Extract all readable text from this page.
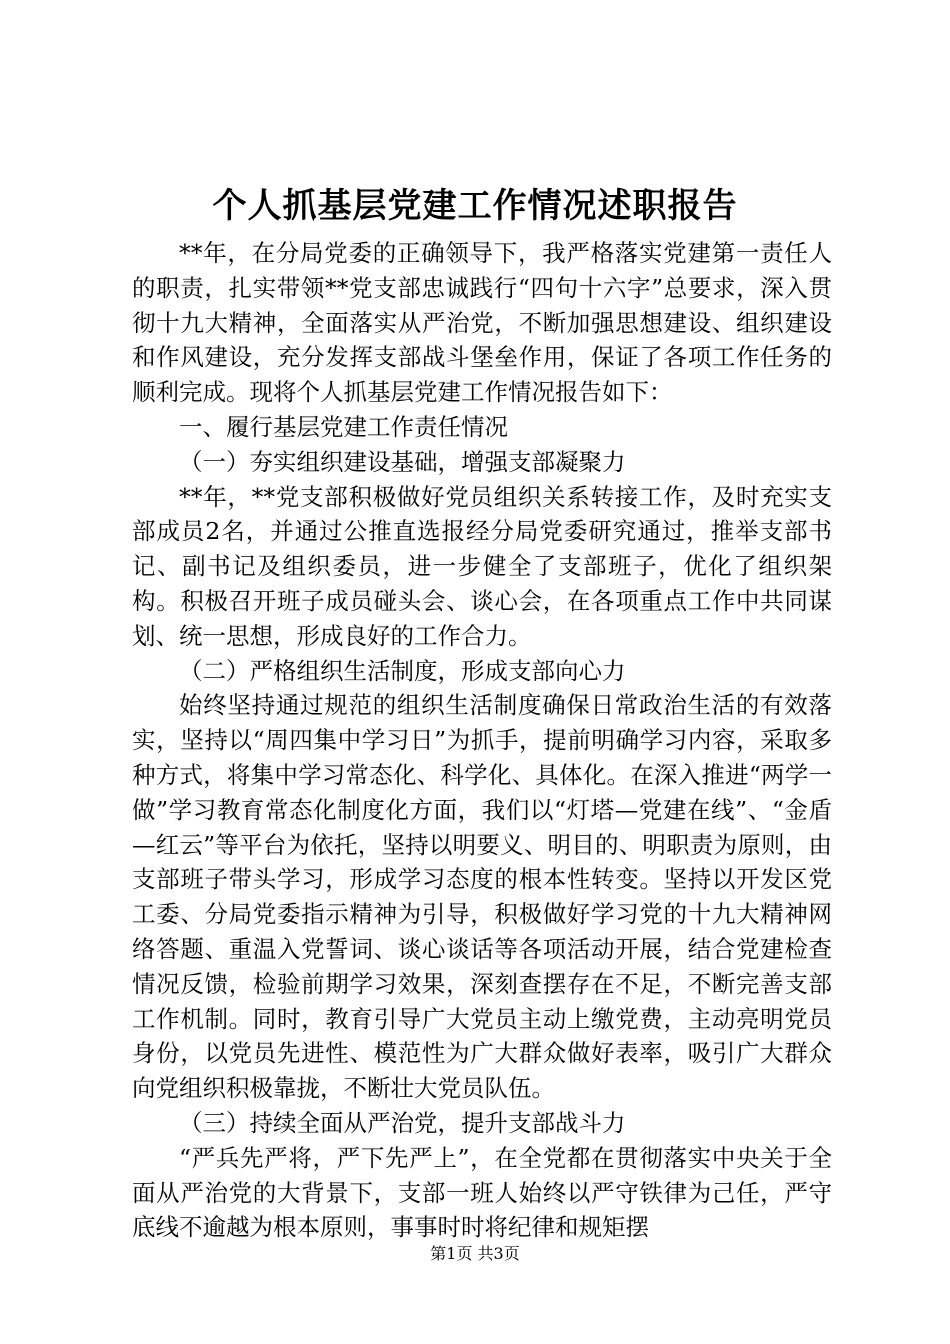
个人抓基层党建工作情况述职报告

**年，在分局党委的正确领导下，我严格落实党建第一责任人的职责，扎实带领**党支部忠诚践行“四句十六字”总要求，深入贯彻十九大精神，全面落实从严治党，不断加强思想建设、组织建设和作风建设，充分发挥支部战斗堡垒作用，保证了各项工作任务的顺利完成。现将个人抓基层党建工作情况报告如下：

一、履行基层党建工作责任情况

（一）夯实组织建设基础，增强支部凝聚力

**年，**党支部积极做好党员组织关系转接工作，及时充实支部成员2名，并通过公推直选报经分局党委研究通过，推举支部书记、副书记及组织委员，进一步健全了支部班子，优化了组织架构。积极召开班子成员碰头会、谈心会，在各项重点工作中共同谋划、统一思想，形成良好的工作合力。

（二）严格组织生活制度，形成支部向心力

始终坚持通过规范的组织生活制度确保日常政治生活的有效落实，坚持以“周四集中学习日”为抓手，提前明确学习内容，采取多种方式，将集中学习常态化、科学化、具体化。在深入推进“两学一做”学习教育常态化制度化方面，我们以“灯塔—党建在线”、“金盾—红云”等平台为依托，坚持以明要义、明目的、明职责为原则，由支部班子带头学习，形成学习态度的根本性转变。坚持以开发区党工委、分局党委指示精神为引导，积极做好学习党的十九大精神网络答题、重温入党誓词、谈心谈话等各项活动开展，结合党建检查情况反馈，检验前期学习效果，深刻查摆存在不足，不断完善支部工作机制。同时，教育引导广大党员主动上缴党费，主动亮明党员身份，以党员先进性、模范性为广大群众做好表率，吸引广大群众向党组织积极靠拢，不断壮大党员队伍。

（三）持续全面从严治党，提升支部战斗力

“严兵先严将，严下先严上”，在全党都在贯彻落实中央关于全面从严治党的大背景下，支部一班人始终以严守铁律为己任，严守底线不逾越为根本原则，事事时时将纪律和规矩摆

第1页 共3页
